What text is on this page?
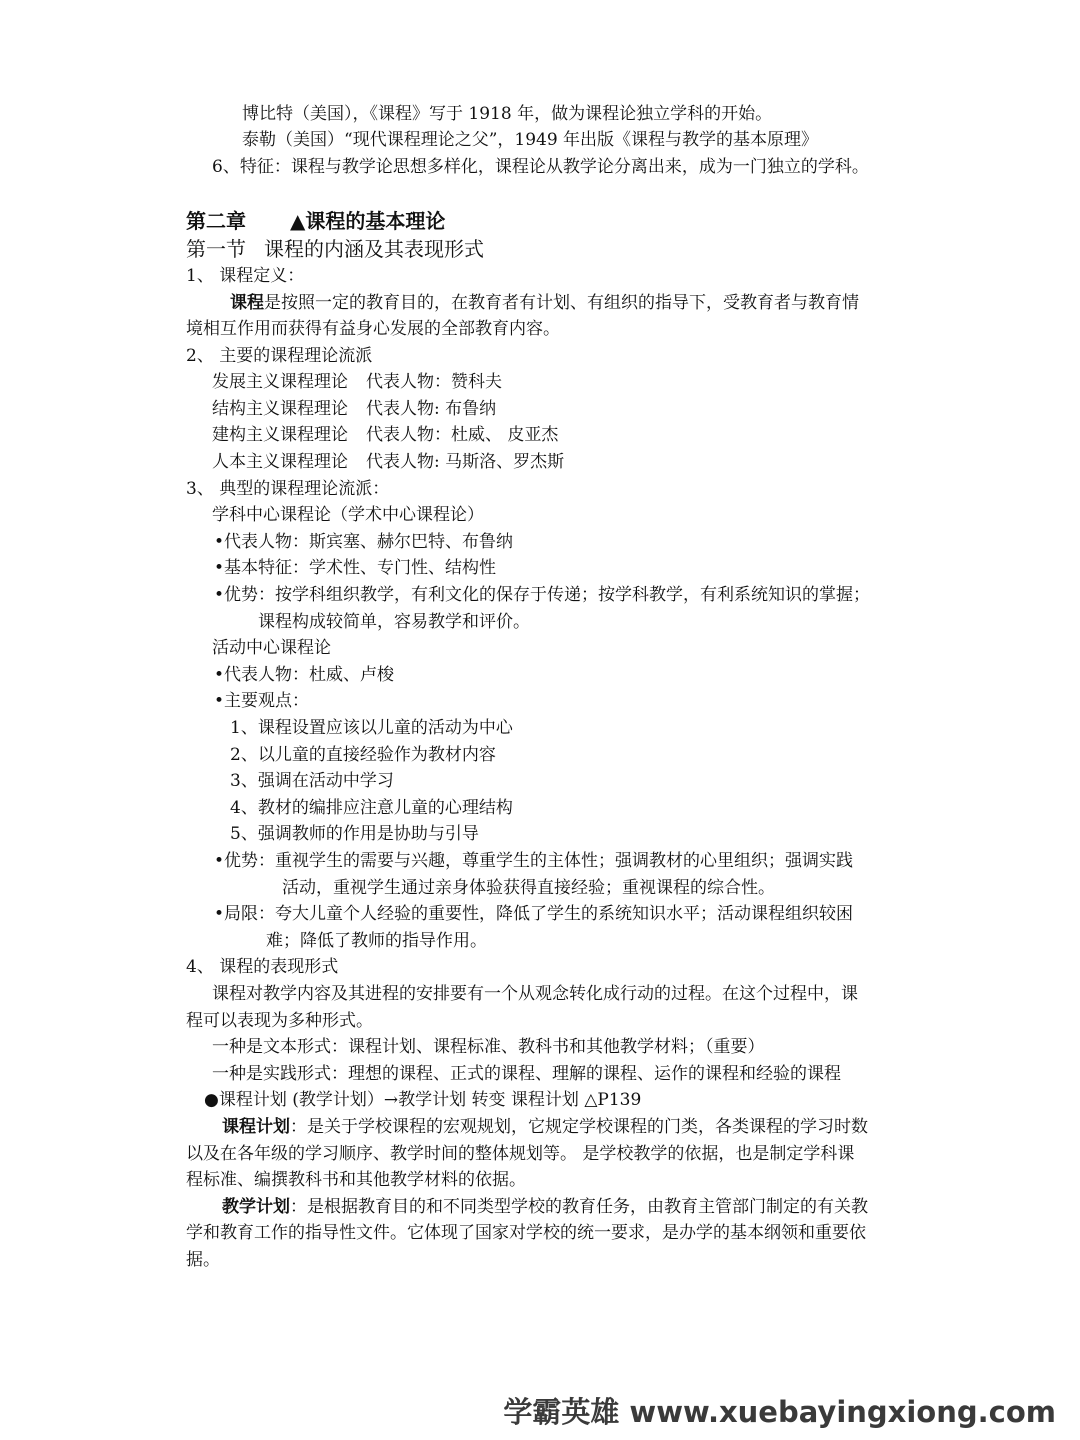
博比特（美国），《课程》写于 1918 年，做为课程论独立学科的开始。
泰勒（美国）“现代课程理论之父”，1949 年出版《课程与教学的基本原理》
6、特征：课程与教学论思想多样化，课程论从教学论分离出来，成为一门独立的学科。
第二章 ▲课程的基本理论
第一节 课程的内涵及其表现形式
1、 课程定义：
课程是按照一定的教育目的，在教育者有计划、有组织的指导下，受教育者与教育情
境相互作用而获得有益身心发展的全部教育内容。
2、 主要的课程理论流派
发展主义课程理论 代表人物：赞科夫
结构主义课程理论 代表人物: 布鲁纳
建构主义课程理论 代表人物：杜威、 皮亚杰
人本主义课程理论 代表人物: 马斯洛、罗杰斯
3、 典型的课程理论流派：
学科中心课程论（学术中心课程论）
•代表人物：斯宾塞、赫尔巴特、布鲁纳
•基本特征：学术性、专门性、结构性
•优势：按学科组织教学，有利文化的保存于传递；按学科教学，有利系统知识的掌握；
课程构成较简单，容易教学和评价。
活动中心课程论
•代表人物：杜威、卢梭
•主要观点：
1、课程设置应该以儿童的活动为中心
2、以儿童的直接经验作为教材内容
3、强调在活动中学习
4、教材的编排应注意儿童的心理结构
5、强调教师的作用是协助与引导
•优势：重视学生的需要与兴趣，尊重学生的主体性；强调教材的心里组织；强调实践
活动，重视学生通过亲身体验获得直接经验；重视课程的综合性。
•局限：夸大儿童个人经验的重要性，降低了学生的系统知识水平；活动课程组织较困
难；降低了教师的指导作用。
4、 课程的表现形式
课程对教学内容及其进程的安排要有一个从观念转化成行动的过程。在这个过程中，课
程可以表现为多种形式。
一种是文本形式：课程计划、课程标准、教科书和其他教学材料；（重要）
一种是实践形式：理想的课程、正式的课程、理解的课程、运作的课程和经验的课程
●课程计划 (教学计划）→教学计划 转变 课程计划 △P139
课程计划：是关于学校课程的宏观规划，它规定学校课程的门类，各类课程的学习时数
以及在各年级的学习顺序、教学时间的整体规划等。 是学校教学的依据，也是制定学科课
程标准、编撰教科书和其他教学材料的依据。
教学计划：是根据教育目的和不同类型学校的教育任务，由教育主管部门制定的有关教
学和教育工作的指导性文件。它体现了国家对学校的统一要求，是办学的基本纲领和重要依
据。
学霸英雄 www.xuebayingxiong.com
